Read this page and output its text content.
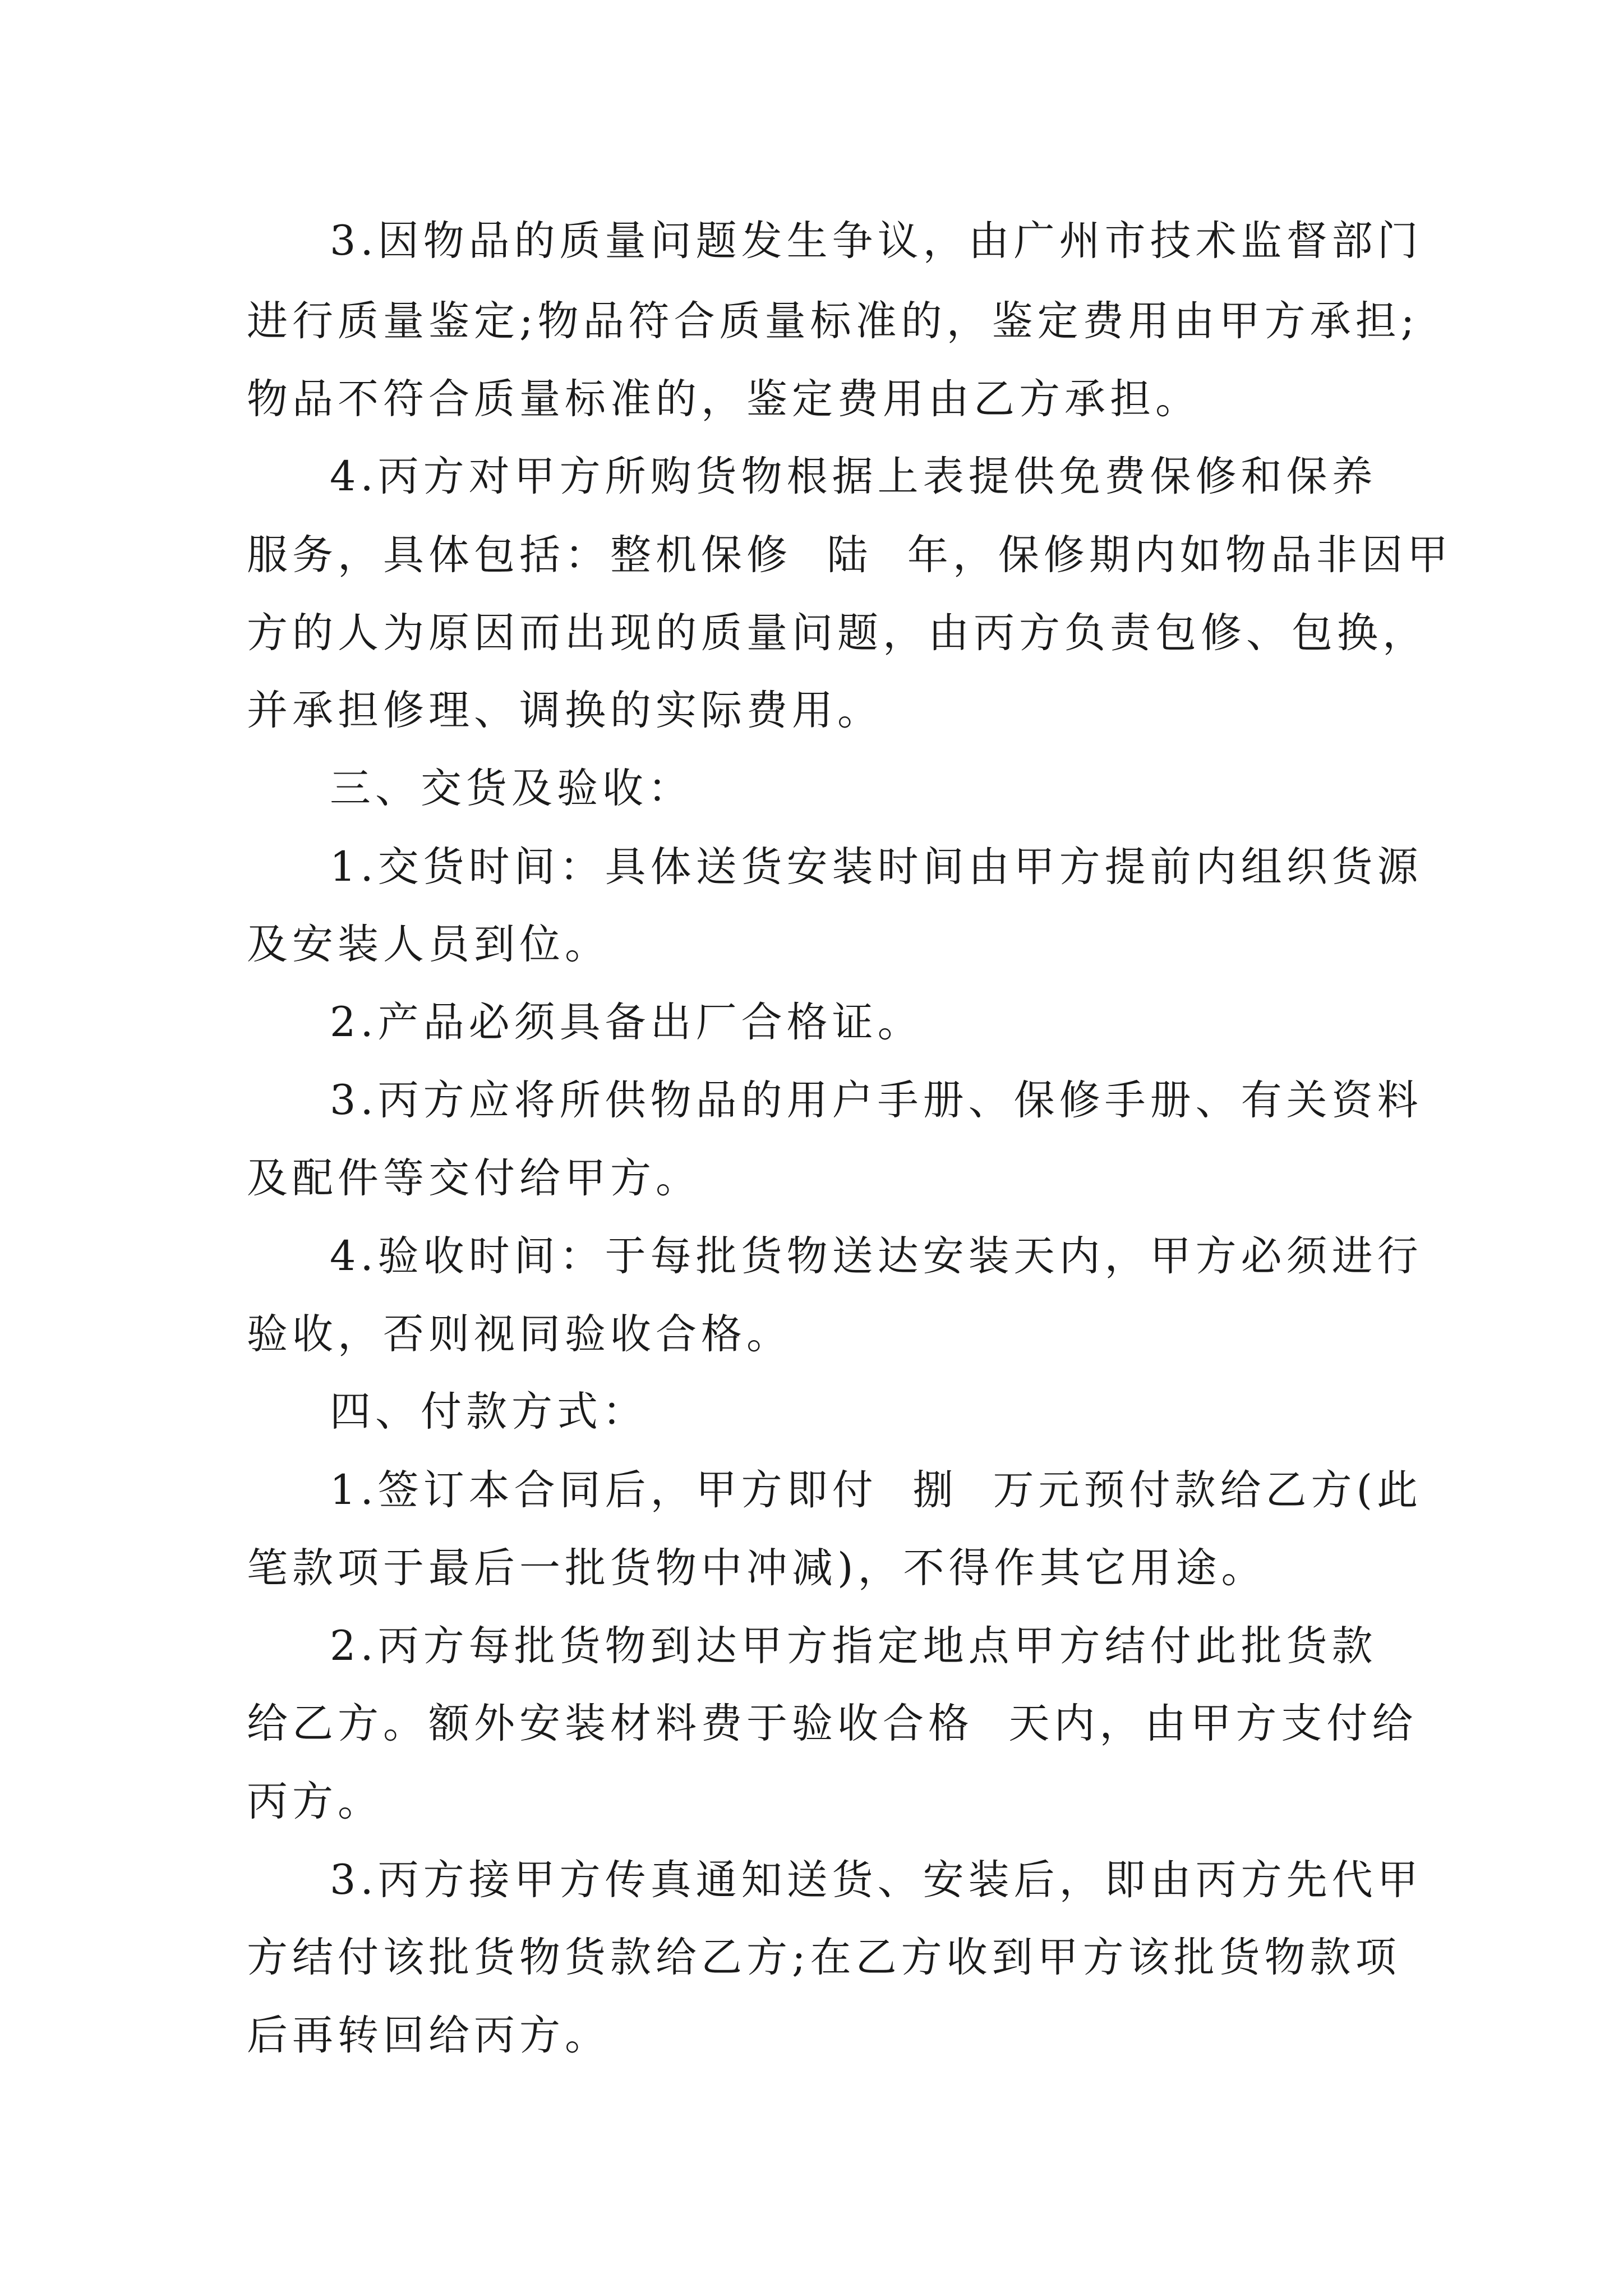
3.因物品的质量问题发生争议，由广州市技术监督部门

进行质量鉴定;物品符合质量标准的，鉴定费用由甲方承担;

物品不符合质量标准的，鉴定费用由乙方承担。

4.丙方对甲方所购货物根据上表提供免费保修和保养

服务，具体包括：整机保修  陆  年，保修期内如物品非因甲

方的人为原因而出现的质量问题，由丙方负责包修、包换，

并承担修理、调换的实际费用。

三、交货及验收：

1.交货时间：具体送货安装时间由甲方提前内组织货源

及安装人员到位。

2.产品必须具备出厂合格证。

3.丙方应将所供物品的用户手册、保修手册、有关资料

及配件等交付给甲方。

4.验收时间：于每批货物送达安装天内，甲方必须进行

验收，否则视同验收合格。

四、付款方式：

1.签订本合同后，甲方即付  捌  万元预付款给乙方(此

笔款项于最后一批货物中冲减)，不得作其它用途。

2.丙方每批货物到达甲方指定地点甲方结付此批货款

给乙方。额外安装材料费于验收合格  天内，由甲方支付给

丙方。

3.丙方接甲方传真通知送货、安装后，即由丙方先代甲

方结付该批货物货款给乙方;在乙方收到甲方该批货物款项

后再转回给丙方。
